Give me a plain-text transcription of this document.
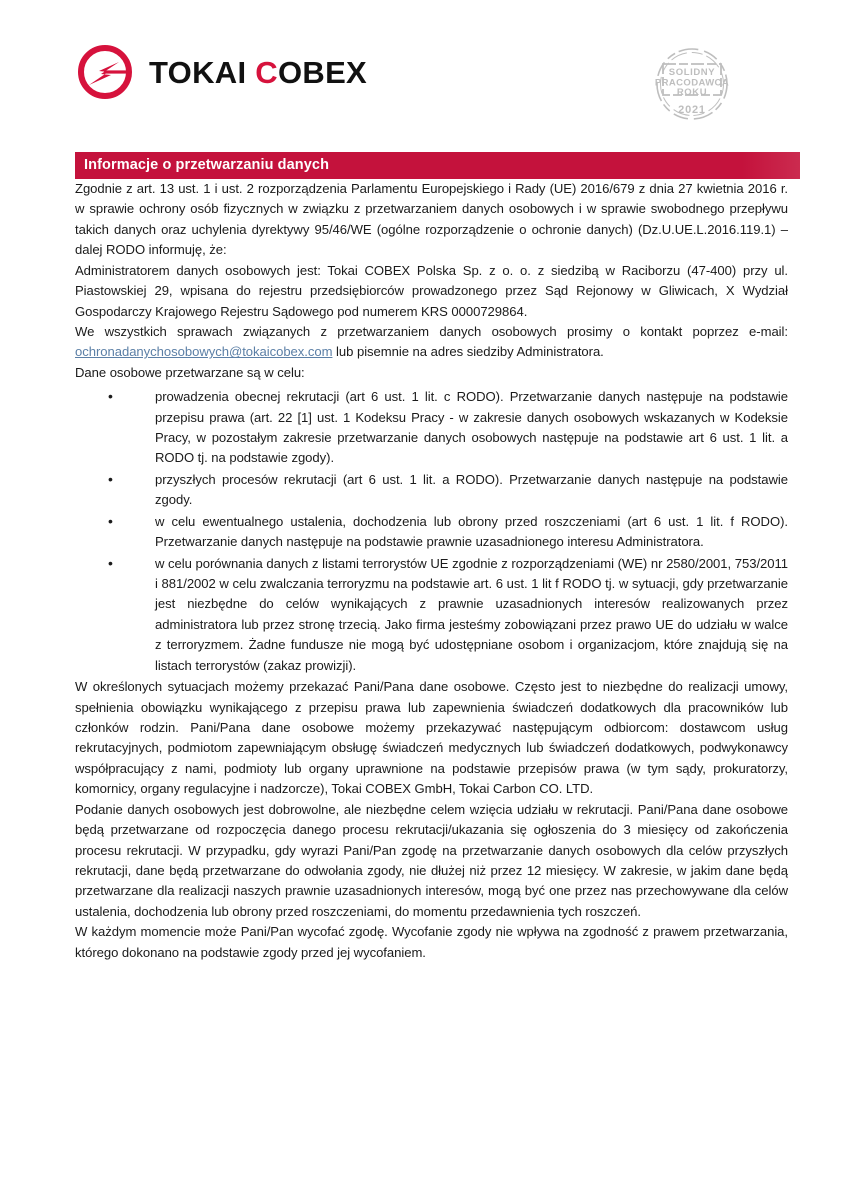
TOKAI COBEX	SOLIDNY
PRACODAWCA
ROKU
2021
Informacje o przetwarzaniu danych

Zgodnie z art. 13 ust. 1 i ust. 2 rozporządzenia Parlamentu Europejskiego i Rady (UE) 2016/679 z dnia 27 kwietnia 2016 r. w sprawie ochrony osób fizycznych w związku z przetwarzaniem danych osobowych i w sprawie swobodnego przepływu takich danych oraz uchylenia dyrektywy 95/46/WE (ogólne rozporządzenie o ochronie danych) (Dz.U.UE.L.2016.119.1) – dalej RODO informuję, że:

Administratorem danych osobowych jest: Tokai COBEX Polska Sp. z o. o. z siedzibą w Raciborzu (47-400) przy ul. Piastowskiej 29, wpisana do rejestru przedsiębiorców prowadzonego przez Sąd Rejonowy w Gliwicach, X Wydział Gospodarczy Krajowego Rejestru Sądowego pod numerem KRS 0000729864.

We wszystkich sprawach związanych z przetwarzaniem danych osobowych prosimy o kontakt poprzez e-mail: ochronadanychosobowych@tokaicobex.com lub pisemnie na adres siedziby Administratora.

Dane osobowe przetwarzane są w celu:

• prowadzenia obecnej rekrutacji (art 6 ust. 1 lit. c RODO). Przetwarzanie danych następuje na podstawie przepisu prawa (art. 22 [1] ust. 1 Kodeksu Pracy - w zakresie danych osobowych wskazanych w Kodeksie Pracy, w pozostałym zakresie przetwarzanie danych osobowych następuje na podstawie art 6 ust. 1 lit. a RODO tj. na podstawie zgody).
• przyszłych procesów rekrutacji (art 6 ust. 1 lit. a RODO). Przetwarzanie danych następuje na podstawie zgody.
• w celu ewentualnego ustalenia, dochodzenia lub obrony przed roszczeniami (art 6 ust. 1 lit. f RODO). Przetwarzanie danych następuje na podstawie prawnie uzasadnionego interesu Administratora.
• w celu porównania danych z listami terrorystów UE zgodnie z rozporządzeniami (WE) nr 2580/2001, 753/2011 i 881/2002 w celu zwalczania terroryzmu na podstawie art. 6 ust. 1 lit f RODO tj. w sytuacji, gdy przetwarzanie jest niezbędne do celów wynikających z prawnie uzasadnionych interesów realizowanych przez administratora lub przez stronę trzecią. Jako firma jesteśmy zobowiązani przez prawo UE do udziału w walce z terroryzmem. Żadne fundusze nie mogą być udostępniane osobom i organizacjom, które znajdują się na listach terrorystów (zakaz prowizji).

W określonych sytuacjach możemy przekazać Pani/Pana dane osobowe. Często jest to niezbędne do realizacji umowy, spełnienia obowiązku wynikającego z przepisu prawa lub zapewnienia świadczeń dodatkowych dla pracowników lub członków rodzin. Pani/Pana dane osobowe możemy przekazywać następującym odbiorcom: dostawcom usług rekrutacyjnych, podmiotom zapewniającym obsługę świadczeń medycznych lub świadczeń dodatkowych, podwykonawcy współpracujący z nami, podmioty lub organy uprawnione na podstawie przepisów prawa (w tym sądy, prokuratorzy, komornicy, organy regulacyjne i nadzorcze), Tokai COBEX GmbH, Tokai Carbon CO. LTD.

Podanie danych osobowych jest dobrowolne, ale niezbędne celem wzięcia udziału w rekrutacji. Pani/Pana dane osobowe będą przetwarzane od rozpoczęcia danego procesu rekrutacji/ukazania się ogłoszenia do 3 miesięcy od zakończenia procesu rekrutacji. W przypadku, gdy wyrazi Pani/Pan zgodę na przetwarzanie danych osobowych dla celów przyszłych rekrutacji, dane będą przetwarzane do odwołania zgody, nie dłużej niż przez 12 miesięcy. W zakresie, w jakim dane będą przetwarzane dla realizacji naszych prawnie uzasadnionych interesów, mogą być one przez nas przechowywane dla celów ustalenia, dochodzenia lub obrony przed roszczeniami, do momentu przedawnienia tych roszczeń.

W każdym momencie może Pani/Pan wycofać zgodę. Wycofanie zgody nie wpływa na zgodność z prawem przetwarzania, którego dokonano na podstawie zgody przed jej wycofaniem.
